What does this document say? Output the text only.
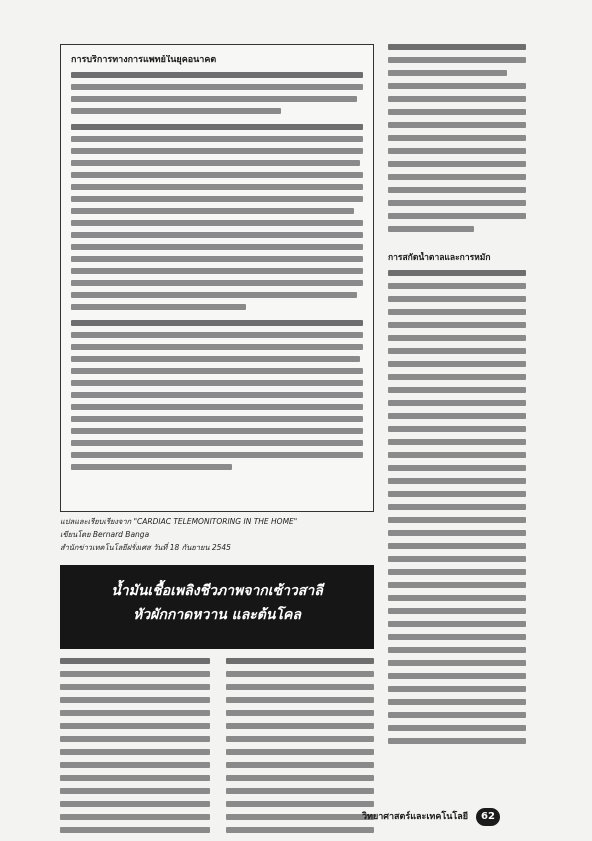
การบริการทางการแพทย์ในยุคอนาคต
แปลและเรียบเรียงจาก "CARDIAC TELEMONITORING IN THE HOME"
เขียนโดย Bernard Banga
สำนักข่าวเทคโนโลยีฝรั่งเศส วันที่ 18 กันยายน 2545
น้ำมันเชื้อเพลิงชีวภาพจากเซ้าวสาลี
หัวผักกาดหวาน และต้นโคล
การสกัดน้ำตาลและการหมัก
วิทยาศาสตร์และเทคโนโลยี	62
